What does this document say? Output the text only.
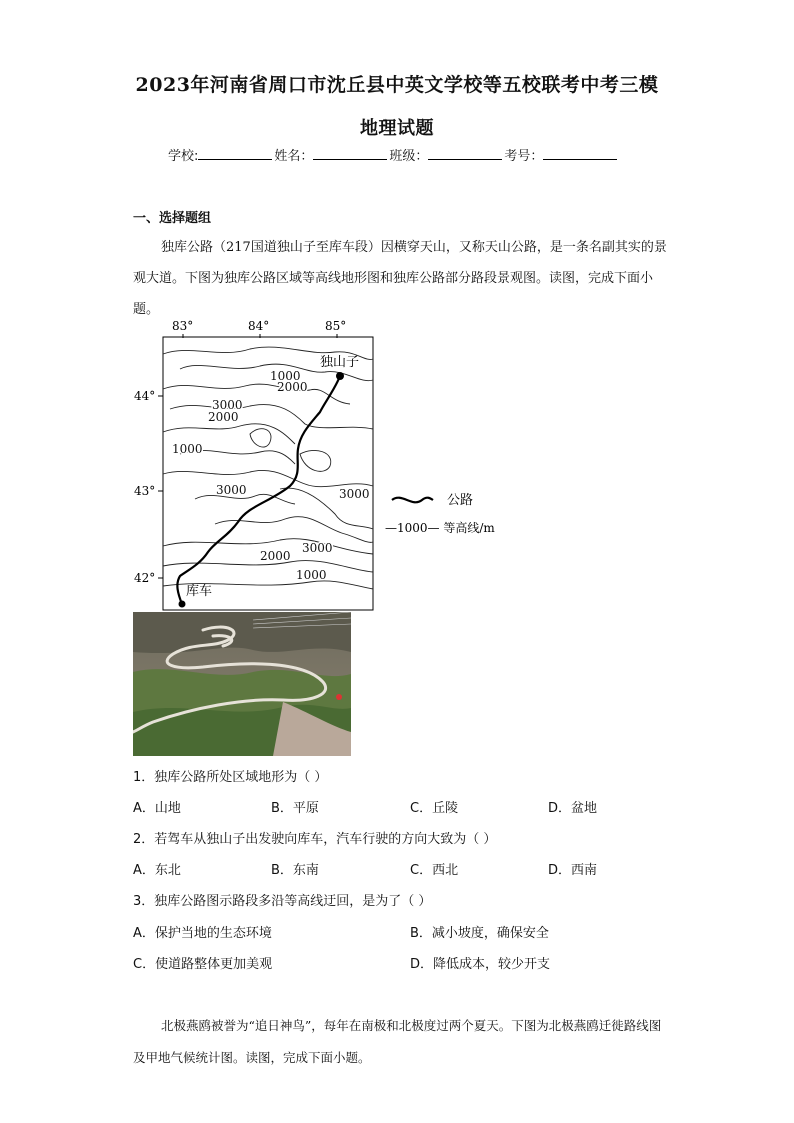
2023年河南省周口市沈丘县中英文学校等五校联考中考三模
地理试题
学校:	姓名：	班级：	考号：
一、选择题组

独库公路（217国道独山子至库车段）因横穿天山，又称天山公路，是一条名副其实的景观大道。下图为独库公路区域等高线地形图和独库公路部分路段景观图。读图，完成下面小题。

83°	84°	85°
44°
43°
42°
独山子
库车
1000
2000
3000
2000
1000
3000	3000
3000
2000
1000
公路
—1000— 等高线/m
1．独库公路所处区域地形为（ ）
A．山地	B．平原	C．丘陵	D．盆地
2．若驾车从独山子出发驶向库车，汽车行驶的方向大致为（ ）
A．东北	B．东南	C．西北	D．西南
3．独库公路图示路段多沿等高线迂回，是为了（ ）
A．保护当地的生态环境	B．减小坡度，确保安全
C．使道路整体更加美观	D．降低成本，较少开支

北极燕鸥被誉为“追日神鸟”，每年在南极和北极度过两个夏天。下图为北极燕鸥迁徙路线图及甲地气候统计图。读图，完成下面小题。
